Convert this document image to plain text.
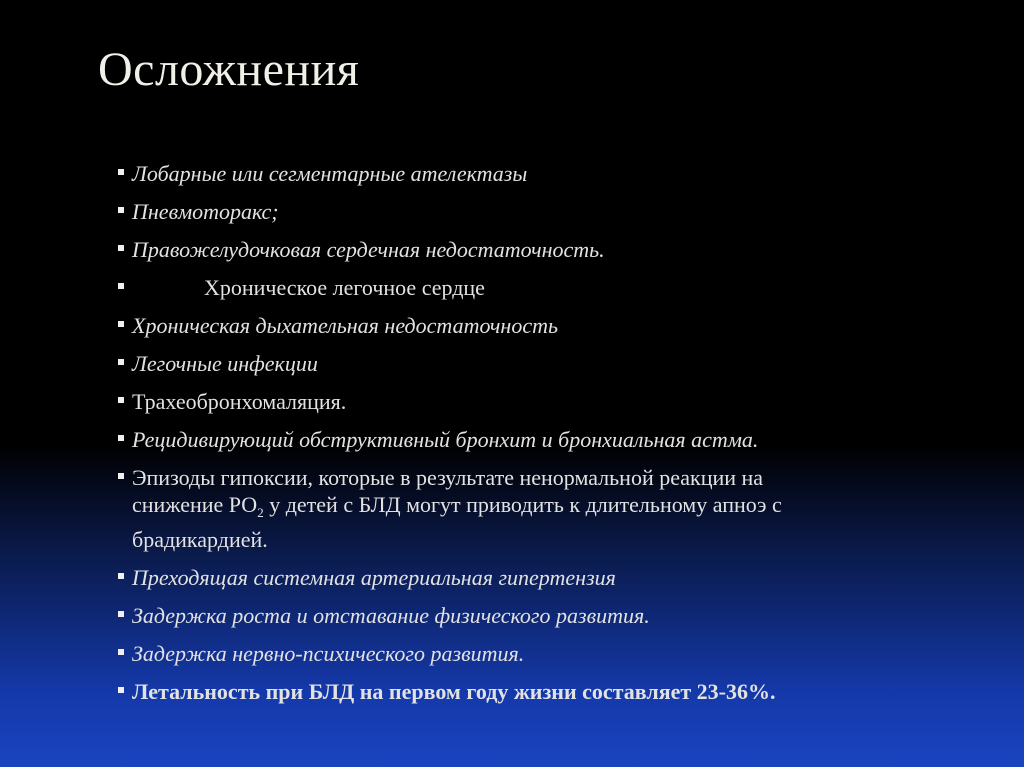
Осложнения
Лобарные или сегментарные ателектазы
Пневмоторакс;
Правожелудочковая сердечная недостаточность.
Хроническое легочное сердце
Хроническая дыхательная недостаточность
Легочные инфекции
Трахеобронхомаляция.
Рецидивирующий обструктивный бронхит и бронхиальная астма.
Эпизоды гипоксии, которые в результате ненормальной реакции на
снижение $РО_2$ у детей с БЛД могут приводить к длительному апноэ с
брадикардией.
Преходящая системная артериальная гипертензия
Задержка роста и отставание физического развития.
Задержка нервно-психического развития.
Летальность при БЛД на первом году жизни составляет 23-36%.
